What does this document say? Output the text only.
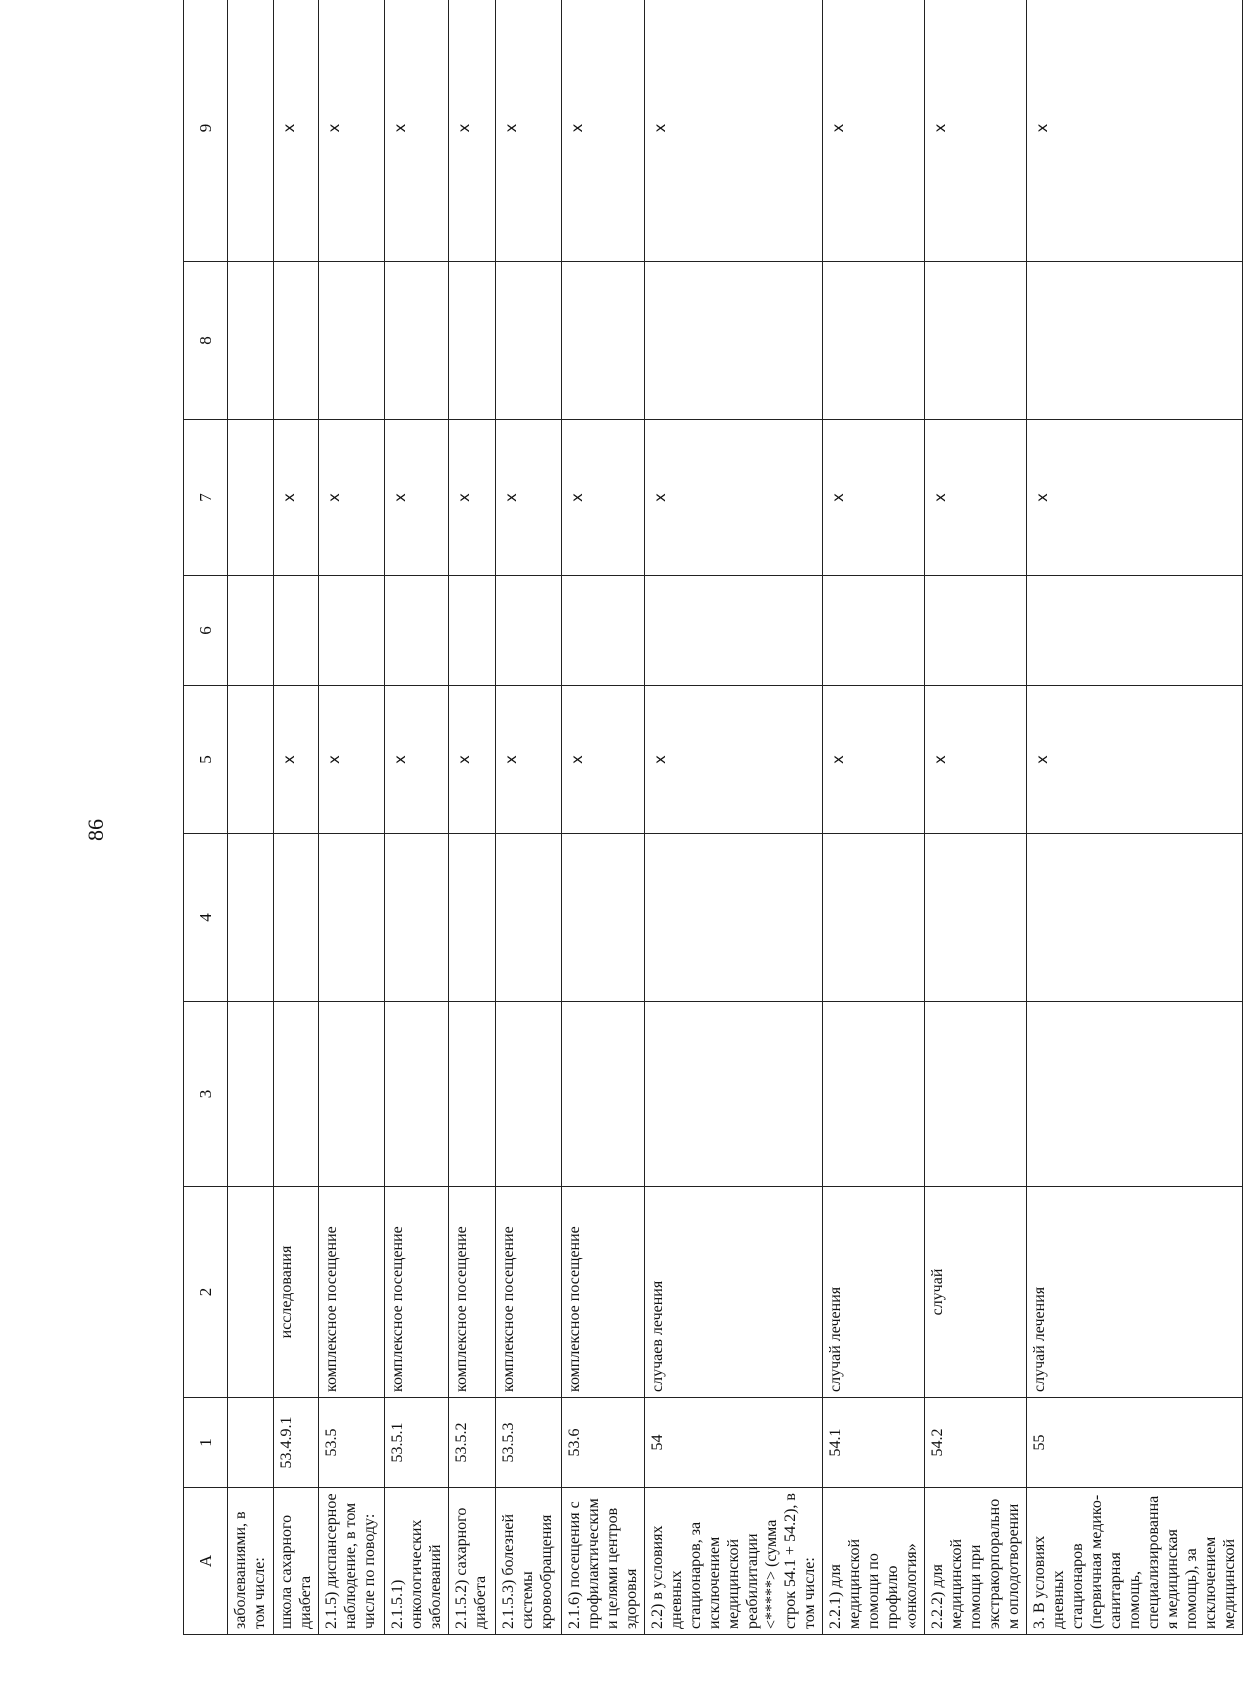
86
А	1	2	3	4	5	6	7	8	9
заболеваниями, в том числе:									
школа сахарного диабета	53.4.9.1	исследования			х		х		х
2.1.5) диспансерное наблюдение, в том числе по поводу:	53.5	комплексное посещение			х		х		х
2.1.5.1) онкологических заболеваний	53.5.1	комплексное посещение			х		х		х
2.1.5.2) сахарного диабета	53.5.2	комплексное посещение			х		х		х
2.1.5.3) болезней системы кровообращения	53.5.3	комплексное посещение			х		х		х
2.1.6) посещения с профилактическими целями центров здоровья	53.6	комплексное посещение			х		х		х
2.2) в условиях дневных стационаров, за исключением медицинской реабилитации <*****> (сумма строк 54.1 + 54.2), в том числе:	54	случаев лечения			х		х		х
2.2.1) для медицинской помощи по профилю «онкология»	54.1	случай лечения			х		х		х
2.2.2) для медицинской помощи при экстракорпоральном оплодотворении	54.2	случай			х		х		х
3. В условиях дневных стационаров (первичная медико-санитарная помощь, специализированная медицинская помощь), за исключением медицинской	55	случай лечения			х		х		х
